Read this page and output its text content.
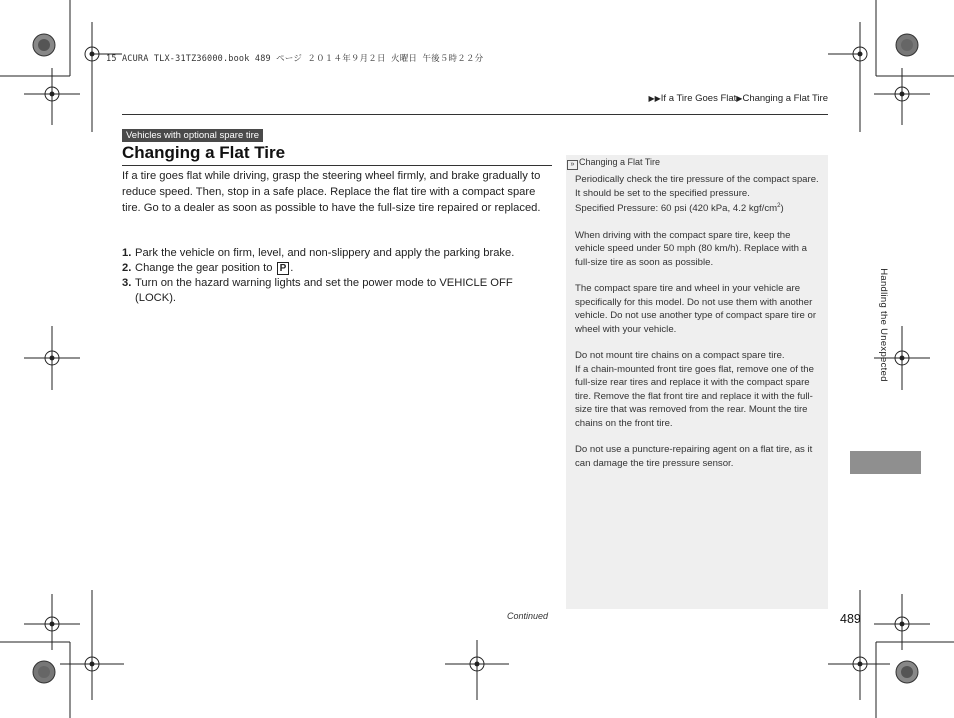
15 ACURA TLX-31TZ36000.book 489 ページ ２０１４年９月２日 火曜日 午後５時２２分
▶▶If a Tire Goes Flat▶Changing a Flat Tire
Vehicles with optional spare tire
Changing a Flat Tire

If a tire goes flat while driving, grasp the steering wheel firmly, and brake gradually to reduce speed. Then, stop in a safe place. Replace the flat tire with a compact spare tire. Go to a dealer as soon as possible to have the full-size tire repaired or replaced.

1. Park the vehicle on firm, level, and non-slippery and apply the parking brake.
2. Change the gear position to P .
3. Turn on the hazard warning lights and set the power mode to VEHICLE OFF (LOCK).
» Changing a Flat Tire

Periodically check the tire pressure of the compact spare. It should be set to the specified pressure.
Specified Pressure: 60 psi (420 kPa, 4.2 kgf/$cm^2$)

When driving with the compact spare tire, keep the vehicle speed under 50 mph (80 km/h). Replace with a full-size tire as soon as possible.

The compact spare tire and wheel in your vehicle are specifically for this model. Do not use them with another vehicle. Do not use another type of compact spare tire or wheel with your vehicle.

Do not mount tire chains on a compact spare tire.
If a chain-mounted front tire goes flat, remove one of the full-size rear tires and replace it with the compact spare tire. Remove the flat front tire and replace it with the full-size tire that was removed from the rear. Mount the tire chains on the front tire.

Do not use a puncture-repairing agent on a flat tire, as it can damage the tire pressure sensor.

Continued	489
Handling the Unexpected
